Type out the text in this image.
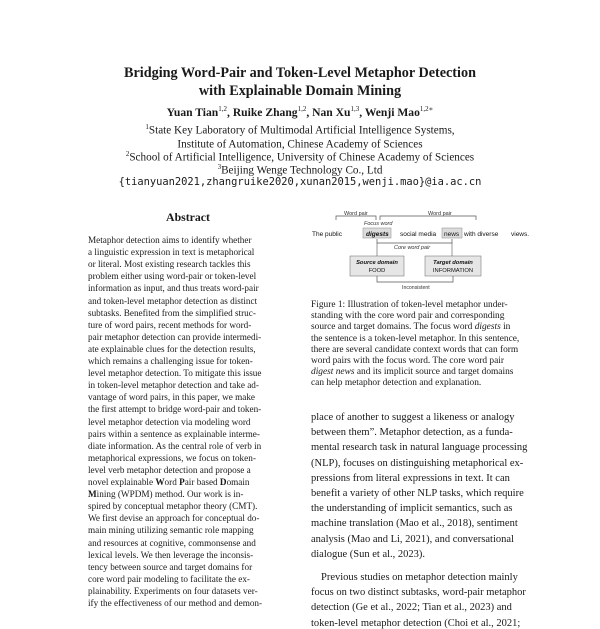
Bridging Word-Pair and Token-Level Metaphor Detection
with Explainable Domain Mining
Yuan Tian$^{1,2}$, Ruike Zhang$^{1,2}$, Nan Xu$^{1,3}$, Wenji Mao$^{1,2∗}$
$^1$State Key Laboratory of Multimodal Artificial Intelligence Systems,
Institute of Automation, Chinese Academy of Sciences
$^2$School of Artificial Intelligence, University of Chinese Academy of Sciences
$^3$Beijing Wenge Technology Co., Ltd
{tianyuan2021,zhangruike2020,xunan2015,wenji.mao}@ia.ac.cn
Abstract
Metaphor detection aims to identify whether
a linguistic expression in text is metaphorical
or literal. Most existing research tackles this
problem either using word-pair or token-level
information as input, and thus treats word-pair
and token-level metaphor detection as distinct
subtasks. Benefited from the simplified struc-
ture of word pairs, recent methods for word-
pair metaphor detection can provide intermedi-
ate explainable clues for the detection results,
which remains a challenging issue for token-
level metaphor detection. To mitigate this issue
in token-level metaphor detection and take ad-
vantage of word pairs, in this paper, we make
the first attempt to bridge word-pair and token-
level metaphor detection via modeling word
pairs within a sentence as explainable interme-
diate information. As the central role of verb in
metaphorical expressions, we focus on token-
level verb metaphor detection and propose a
novel explainable Word Pair based Domain
Mining (WPDM) method. Our work is in-
spired by conceptual metaphor theory (CMT).
We first devise an approach for conceptual do-
main mining utilizing semantic role mapping
and resources at cognitive, commonsense and
lexical levels. We then leverage the inconsis-
tency between source and target domains for
core word pair modeling to facilitate the ex-
plainability. Experiments on four datasets ver-
ify the effectiveness of our method and demon-
Word pair
Focus word
Word pair
The public	digests social media news with diverse views.
Core word pair
Source domain
FOOD
Target domain
INFORMATION
Inconsistent
Figure 1: Illustration of token-level metaphor under-
standing with the core word pair and corresponding
source and target domains. The focus word digests in
the sentence is a token-level metaphor. In this sentence,
there are several candidate context words that can form
word pairs with the focus word. The core word pair
digest news and its implicit source and target domains
can help metaphor detection and explanation.
place of another to suggest a likeness or analogy
between them”. Metaphor detection, as a funda-
mental research task in natural language processing
(NLP), focuses on distinguishing metaphorical ex-
pressions from literal expressions in text. It can
benefit a variety of other NLP tasks, which require
the understanding of implicit semantics, such as
machine translation (Mao et al., 2018), sentiment
analysis (Mao and Li, 2021), and conversational
dialogue (Sun et al., 2023).
Previous studies on metaphor detection mainly
focus on two distinct subtasks, word-pair metaphor
detection (Ge et al., 2022; Tian et al., 2023) and
token-level metaphor detection (Choi et al., 2021;
